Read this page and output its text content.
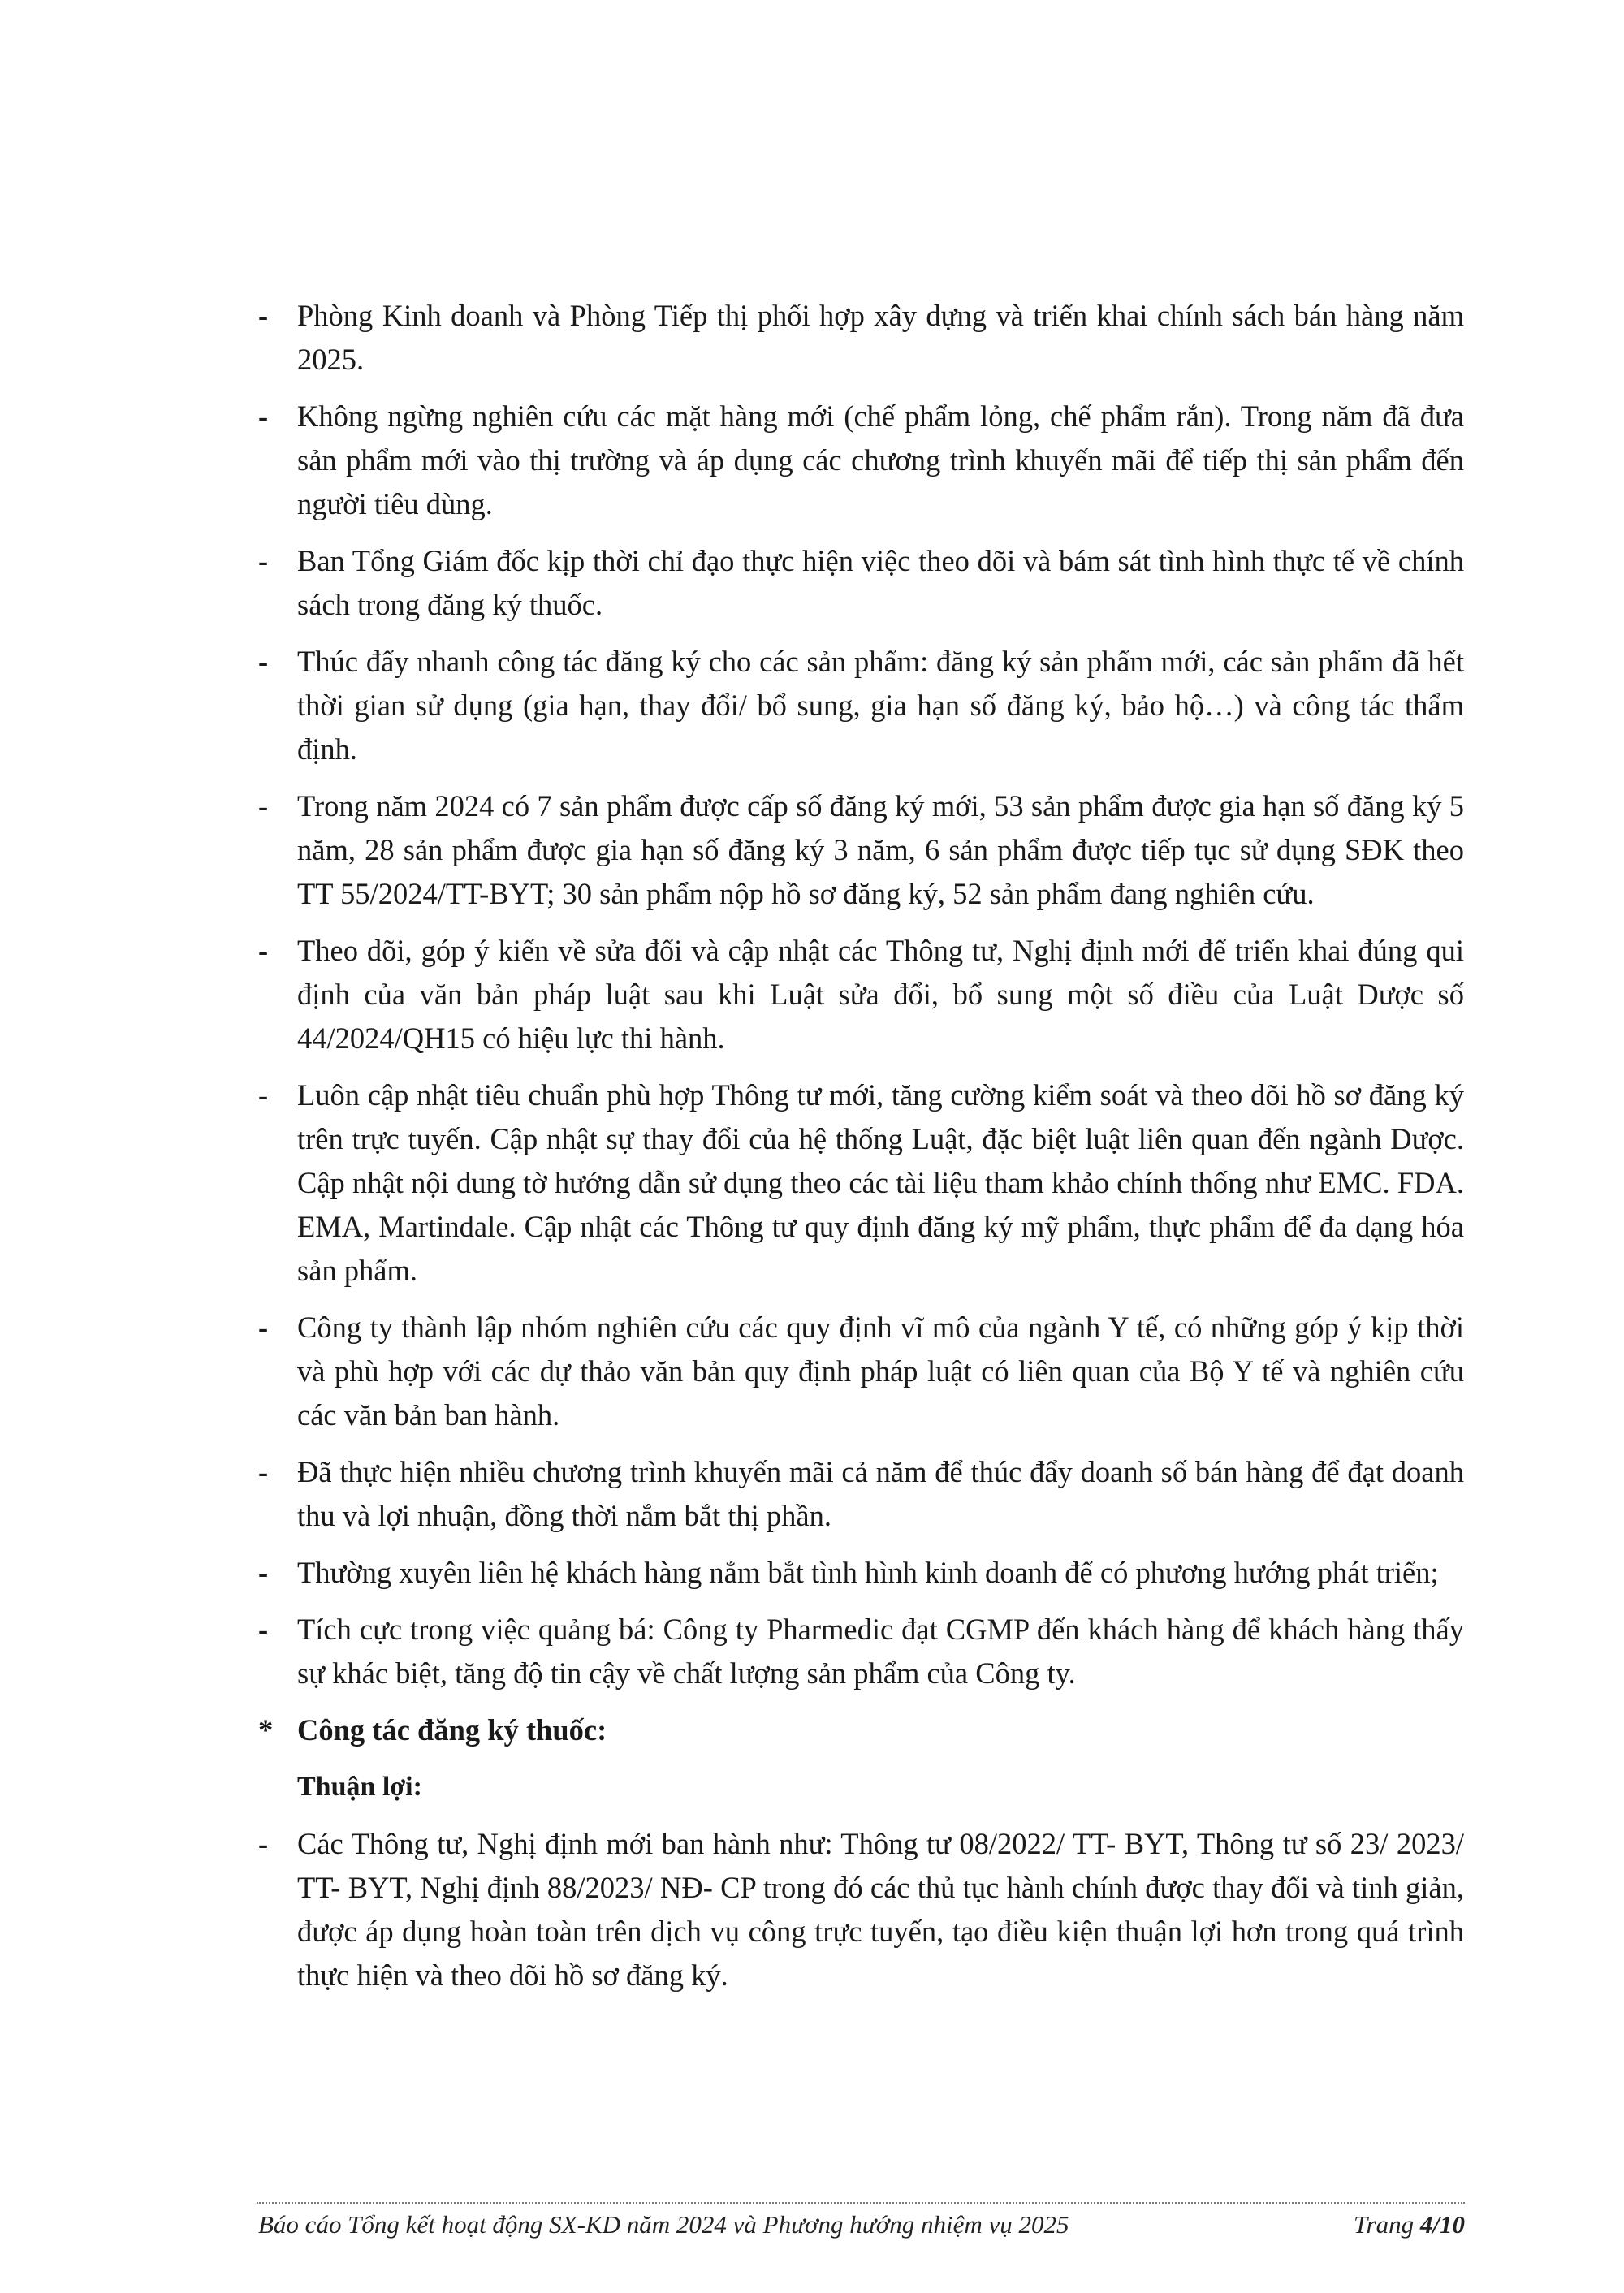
- Phòng Kinh doanh và Phòng Tiếp thị phối hợp xây dựng và triển khai chính sách bán hàng năm 2025.
- Không ngừng nghiên cứu các mặt hàng mới (chế phẩm lỏng, chế phẩm rắn). Trong năm đã đưa sản phẩm mới vào thị trường và áp dụng các chương trình khuyến mãi để tiếp thị sản phẩm đến người tiêu dùng.
- Ban Tổng Giám đốc kịp thời chỉ đạo thực hiện việc theo dõi và bám sát tình hình thực tế về chính sách trong đăng ký thuốc.
- Thúc đẩy nhanh công tác đăng ký cho các sản phẩm: đăng ký sản phẩm mới, các sản phẩm đã hết thời gian sử dụng (gia hạn, thay đổi/ bổ sung, gia hạn số đăng ký, bảo hộ…) và công tác thẩm định.
- Trong năm 2024 có 7 sản phẩm được cấp số đăng ký mới, 53 sản phẩm được gia hạn số đăng ký 5 năm, 28 sản phẩm được gia hạn số đăng ký 3 năm, 6 sản phẩm được tiếp tục sử dụng SĐK theo TT 55/2024/TT-BYT; 30 sản phẩm nộp hồ sơ đăng ký, 52 sản phẩm đang nghiên cứu.
- Theo dõi, góp ý kiến về sửa đổi và cập nhật các Thông tư, Nghị định mới để triển khai đúng qui định của văn bản pháp luật sau khi Luật sửa đổi, bổ sung một số điều của Luật Dược số 44/2024/QH15 có hiệu lực thi hành.
- Luôn cập nhật tiêu chuẩn phù hợp Thông tư mới, tăng cường kiểm soát và theo dõi hồ sơ đăng ký trên trực tuyến. Cập nhật sự thay đổi của hệ thống Luật, đặc biệt luật liên quan đến ngành Dược. Cập nhật nội dung tờ hướng dẫn sử dụng theo các tài liệu tham khảo chính thống như EMC. FDA. EMA, Martindale. Cập nhật các Thông tư quy định đăng ký mỹ phẩm, thực phẩm để đa dạng hóa sản phẩm.
- Công ty thành lập nhóm nghiên cứu các quy định vĩ mô của ngành Y tế, có những góp ý kịp thời và phù hợp với các dự thảo văn bản quy định pháp luật có liên quan của Bộ Y tế và nghiên cứu các văn bản ban hành.
- Đã thực hiện nhiều chương trình khuyến mãi cả năm để thúc đẩy doanh số bán hàng để đạt doanh thu và lợi nhuận, đồng thời nắm bắt thị phần.
- Thường xuyên liên hệ khách hàng nắm bắt tình hình kinh doanh để có phương hướng phát triển;
- Tích cực trong việc quảng bá: Công ty Pharmedic đạt CGMP đến khách hàng để khách hàng thấy sự khác biệt, tăng độ tin cậy về chất lượng sản phẩm của Công ty.
* Công tác đăng ký thuốc:
Thuận lợi:
- Các Thông tư, Nghị định mới ban hành như: Thông tư 08/2022/ TT- BYT, Thông tư số 23/ 2023/ TT- BYT, Nghị định 88/2023/ NĐ- CP trong đó các thủ tục hành chính được thay đổi và tinh giản, được áp dụng hoàn toàn trên dịch vụ công trực tuyến, tạo điều kiện thuận lợi hơn trong quá trình thực hiện và theo dõi hồ sơ đăng ký.
Báo cáo Tổng kết hoạt động SX-KD năm 2024 và Phương hướng nhiệm vụ 2025	Trang 4/10
